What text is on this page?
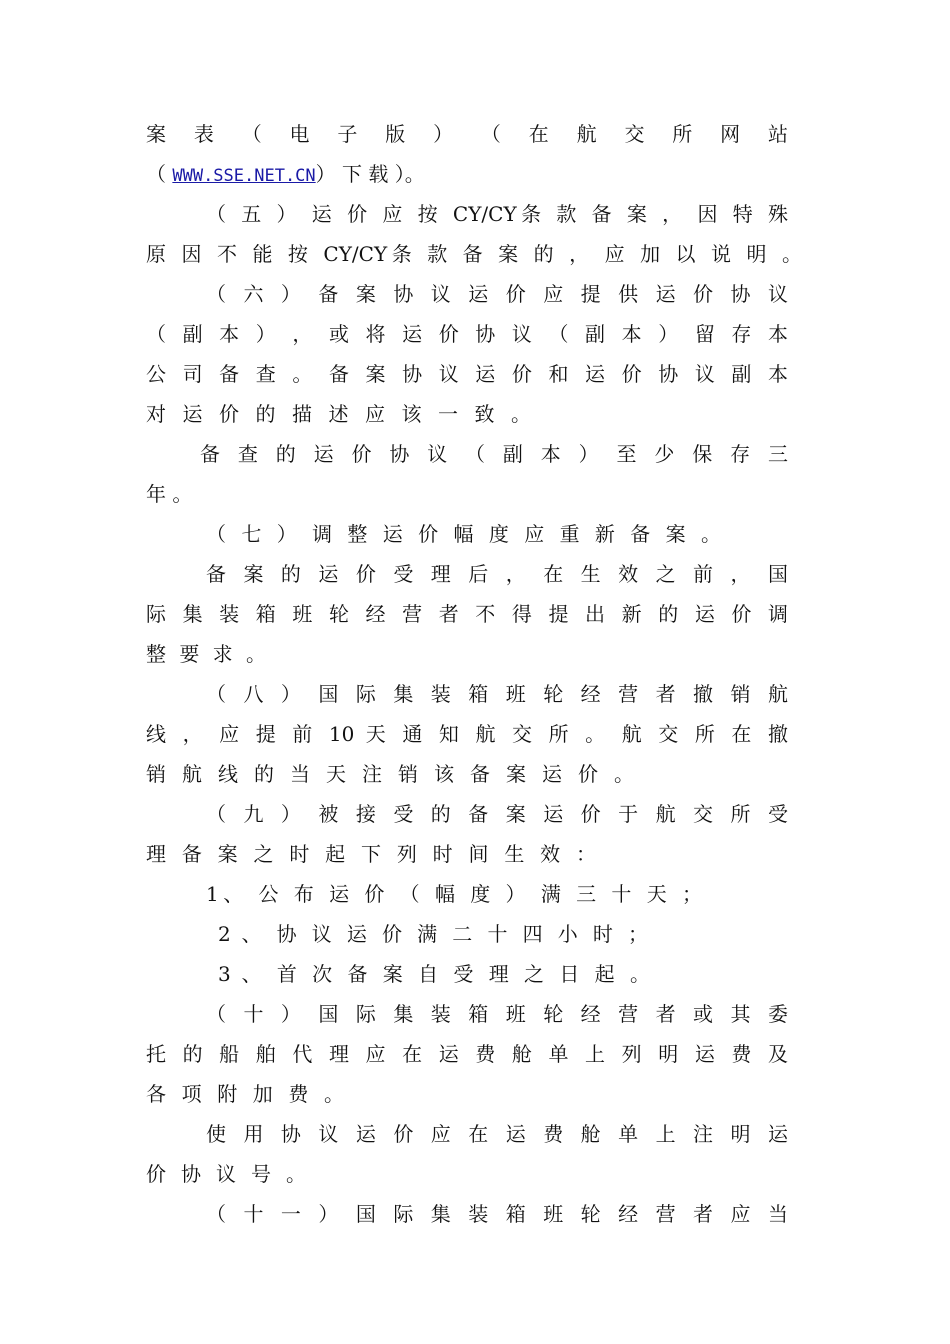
案 表 （ 电 子 版 ） （ 在 航 交 所 网 站
（ WWW.SSE.NET.CN） 下 载 ）。
（ 五 ） 运 价 应 按 CY/CY条 款 备 案 ， 因 特 殊
原 因 不 能 按 CY/CY条 款 备 案 的 ， 应 加 以 说 明 。
（ 六 ） 备 案 协 议 运 价 应 提 供 运 价 协 议
（ 副 本 ） ， 或 将 运 价 协 议 （ 副 本 ） 留 存 本
公 司 备 查 。 备 案 协 议 运 价 和 运 价 协 议 副 本
对 运 价 的 描 述 应 该 一 致 。
备 查 的 运 价 协 议 （ 副 本 ） 至 少 保 存 三
年 。
（ 七 ） 调 整 运 价 幅 度 应 重 新 备 案 。
备 案 的 运 价 受 理 后 ， 在 生 效 之 前 ， 国
际 集 装 箱 班 轮 经 营 者 不 得 提 出 新 的 运 价 调
整 要 求 。
（ 八 ） 国 际 集 装 箱 班 轮 经 营 者 撤 销 航
线 ， 应 提 前 10 天 通 知 航 交 所 。 航 交 所 在 撤
销 航 线 的 当 天 注 销 该 备 案 运 价 。
（ 九 ） 被 接 受 的 备 案 运 价 于 航 交 所 受
理 备 案 之 时 起 下 列 时 间 生 效 ：
1、 公 布 运 价 （ 幅 度 ） 满 三 十 天 ；
2 、 协 议 运 价 满 二 十 四 小 时 ；
3 、 首 次 备 案 自 受 理 之 日 起 。
（ 十 ） 国 际 集 装 箱 班 轮 经 营 者 或 其 委
托 的 船 舶 代 理 应 在 运 费 舱 单 上 列 明 运 费 及
各 项 附 加 费 。
使 用 协 议 运 价 应 在 运 费 舱 单 上 注 明 运
价 协 议 号 。
（ 十 一 ） 国 际 集 装 箱 班 轮 经 营 者 应 当
